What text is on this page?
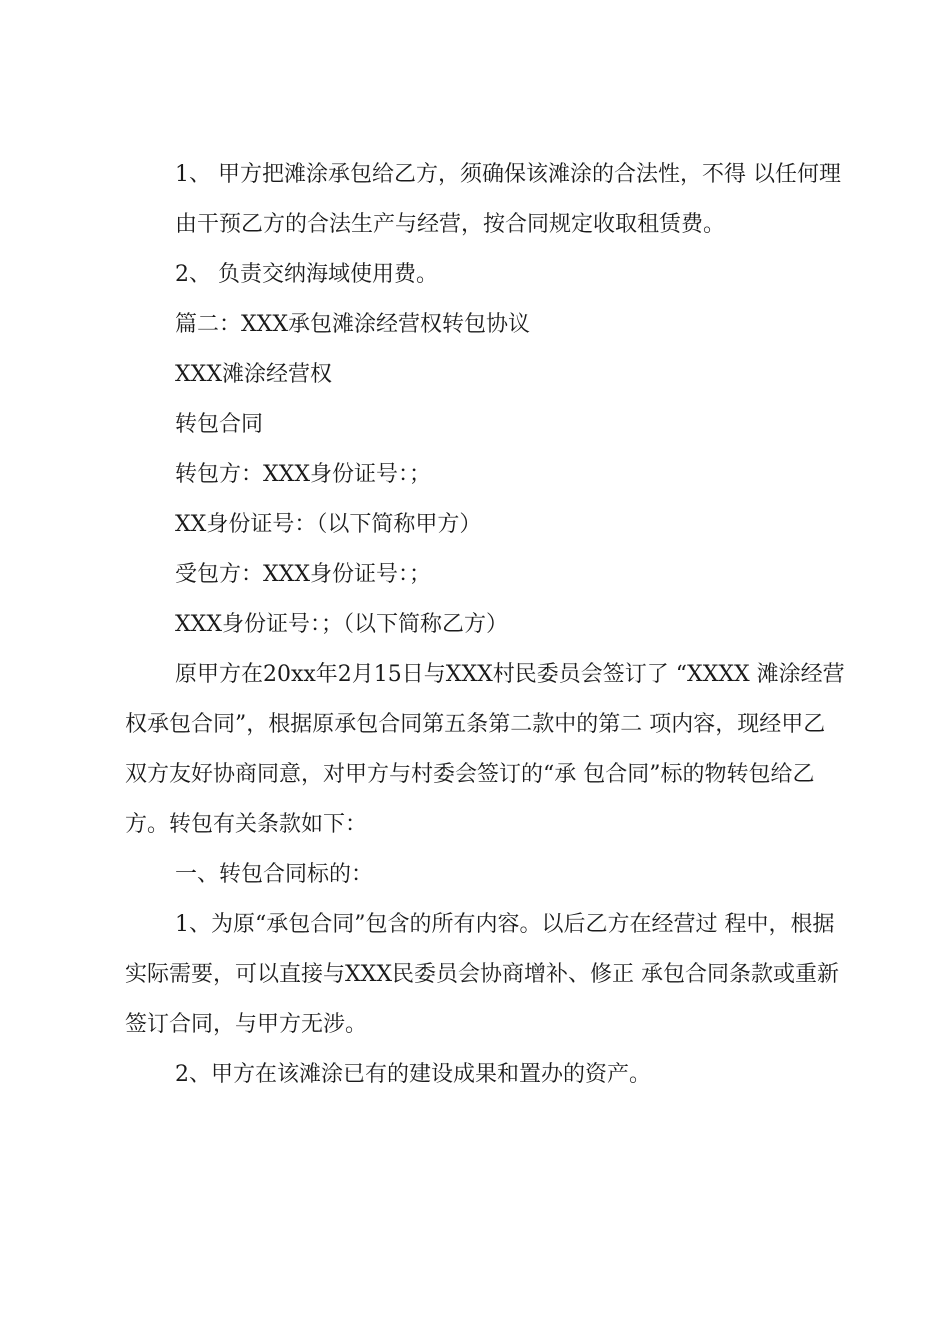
1、 甲方把滩涂承包给乙方，须确保该滩涂的合法性，不得 以任何理

由干预乙方的合法生产与经营，按合同规定收取租赁费。

2、 负责交纳海域使用费。

篇二：XXX承包滩涂经营权转包协议

XXX滩涂经营权

转包合同

转包方：XXX身份证号：；

XX身份证号：（以下简称甲方）

受包方：XXX身份证号：；

XXX身份证号：；（以下简称乙方）

原甲方在20xx年2月15日与XXX村民委员会签订了 “XXXX 滩涂经营权承包合同”，根据原承包合同第五条第二款中的第二 项内容，现经甲乙双方友好协商同意，对甲方与村委会签订的“承 包合同”标的物转包给乙方。转包有关条款如下：

一、转包合同标的：

1、为原“承包合同”包含的所有内容。以后乙方在经营过 程中，根据实际需要，可以直接与XXX民委员会协商增补、修正 承包合同条款或重新签订合同，与甲方无涉。

2、甲方在该滩涂已有的建设成果和置办的资产。
